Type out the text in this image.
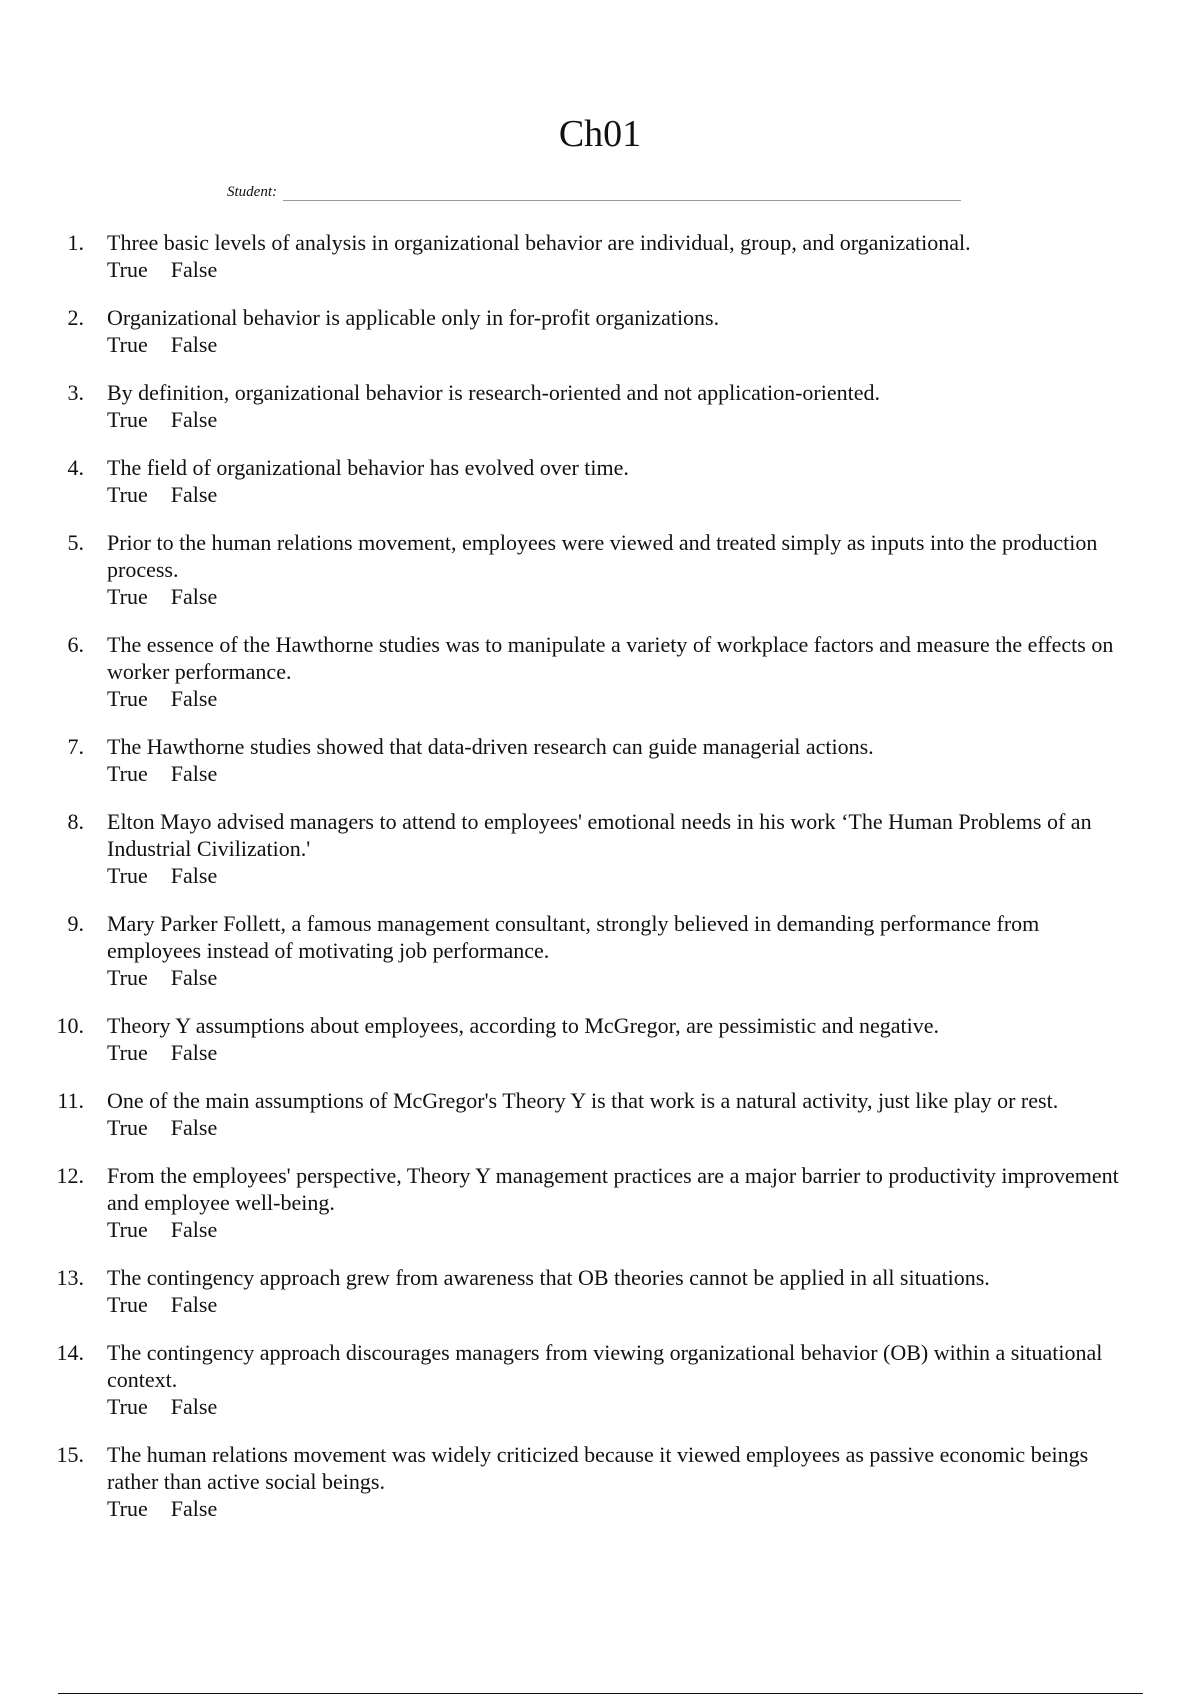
Ch01
Student:
1. Three basic levels of analysis in organizational behavior are individual, group, and organizational.
True False
2. Organizational behavior is applicable only in for-profit organizations.
True False
3. By definition, organizational behavior is research-oriented and not application-oriented.
True False
4. The field of organizational behavior has evolved over time.
True False
5. Prior to the human relations movement, employees were viewed and treated simply as inputs into the production process.
True False
6. The essence of the Hawthorne studies was to manipulate a variety of workplace factors and measure the effects on worker performance.
True False
7. The Hawthorne studies showed that data-driven research can guide managerial actions.
True False
8. Elton Mayo advised managers to attend to employees' emotional needs in his work ‘The Human Problems of an Industrial Civilization.'
True False
9. Mary Parker Follett, a famous management consultant, strongly believed in demanding performance from employees instead of motivating job performance.
True False
10. Theory Y assumptions about employees, according to McGregor, are pessimistic and negative.
True False
11. One of the main assumptions of McGregor's Theory Y is that work is a natural activity, just like play or rest.
True False
12. From the employees' perspective, Theory Y management practices are a major barrier to productivity improvement and employee well-being.
True False
13. The contingency approach grew from awareness that OB theories cannot be applied in all situations.
True False
14. The contingency approach discourages managers from viewing organizational behavior (OB) within a situational context.
True False
15. The human relations movement was widely criticized because it viewed employees as passive economic beings rather than active social beings.
True False
